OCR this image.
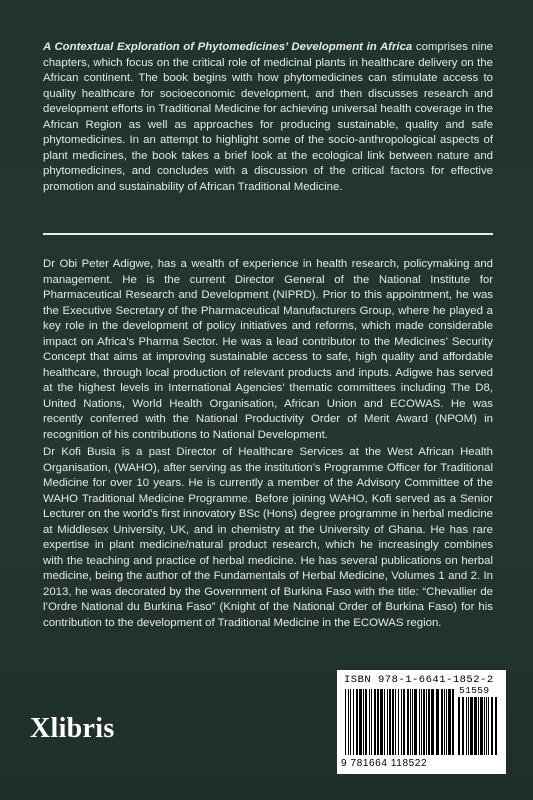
A Contextual Exploration of Phytomedicines’ Development in Africa comprises nine chapters, which focus on the critical role of medicinal plants in healthcare delivery on the African continent. The book begins with how phytomedicines can stimulate access to quality healthcare for socioeconomic development, and then discusses research and development efforts in Traditional Medicine for achieving universal health coverage in the African Region as well as approaches for producing sustainable, quality and safe phytomedicines. In an attempt to highlight some of the socio-anthropological aspects of plant medicines, the book takes a brief look at the ecological link between nature and phytomedicines, and concludes with a discussion of the critical factors for effective promotion and sustainability of African Traditional Medicine.
Dr Obi Peter Adigwe, has a wealth of experience in health research, policymaking and management. He is the current Director General of the National Institute for Pharmaceutical Research and Development (NIPRD). Prior to this appointment, he was the Executive Secretary of the Pharmaceutical Manufacturers Group, where he played a key role in the development of policy initiatives and reforms, which made considerable impact on Africa’s Pharma Sector. He was a lead contributor to the Medicines’ Security Concept that aims at improving sustainable access to safe, high quality and affordable healthcare, through local production of relevant products and inputs. Adigwe has served at the highest levels in International Agencies’ thematic committees including The D8, United Nations, World Health Organisation, African Union and ECOWAS. He was recently conferred with the National Productivity Order of Merit Award (NPOM) in recognition of his contributions to National Development.
Dr Kofi Busia is a past Director of Healthcare Services at the West African Health Organisation, (WAHO), after serving as the institution’s Programme Officer for Traditional Medicine for over 10 years. He is currently a member of the Advisory Committee of the WAHO Traditional Medicine Programme. Before joining WAHO, Kofi served as a Senior Lecturer on the world’s first innovatory BSc (Hons) degree programme in herbal medicine at Middlesex University, UK, and in chemistry at the University of Ghana. He has rare expertise in plant medicine/natural product research, which he increasingly combines with the teaching and practice of herbal medicine. He has several publications on herbal medicine, being the author of the Fundamentals of Herbal Medicine, Volumes 1 and 2. In 2013, he was decorated by the Government of Burkina Faso with the title: “Chevallier de l’Ordre National du Burkina Faso” (Knight of the National Order of Burkina Faso) for his contribution to the development of Traditional Medicine in the ECOWAS region.
Xlibris
ISBN 978-1-6641-1852-2
51559
9 781664 118522
